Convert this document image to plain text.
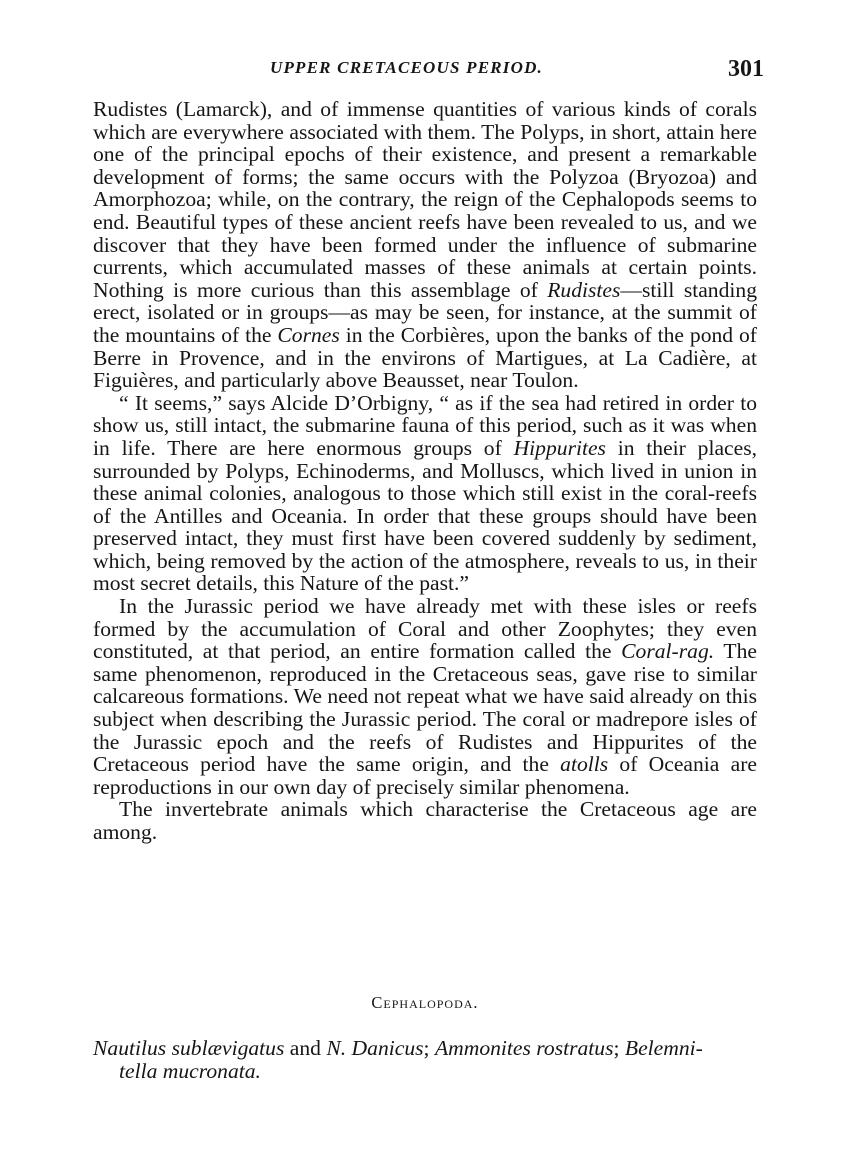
UPPER CRETACEOUS PERIOD.	301

Rudistes (Lamarck), and of immense quantities of various kinds of corals which are everywhere associated with them. The Polyps, in short, attain here one of the principal epochs of their existence, and present a remarkable development of forms; the same occurs with the Polyzoa (Bryozoa) and Amorphozoa; while, on the contrary, the reign of the Cephalopods seems to end. Beautiful types of these ancient reefs have been revealed to us, and we discover that they have been formed under the influence of submarine currents, which accumulated masses of these animals at certain points. Nothing is more curious than this assemblage of Rudistes—still standing erect, isolated or in groups—as may be seen, for instance, at the summit of the mountains of the Cornes in the Corbières, upon the banks of the pond of Berre in Provence, and in the environs of Martigues, at La Cadière, at Figuières, and particularly above Beausset, near Toulon.

“ It seems,” says Alcide D’Orbigny, “ as if the sea had retired in order to show us, still intact, the submarine fauna of this period, such as it was when in life. There are here enormous groups of Hippurites in their places, surrounded by Polyps, Echinoderms, and Molluscs, which lived in union in these animal colonies, analogous to those which still exist in the coral-reefs of the Antilles and Oceania. In order that these groups should have been preserved intact, they must first have been covered suddenly by sediment, which, being removed by the action of the atmosphere, reveals to us, in their most secret details, this Nature of the past.”

In the Jurassic period we have already met with these isles or reefs formed by the accumulation of Coral and other Zoophytes; they even constituted, at that period, an entire formation called the Coral-rag. The same phenomenon, reproduced in the Cretaceous seas, gave rise to similar calcareous formations. We need not repeat what we have said already on this subject when describing the Jurassic period. The coral or madrepore isles of the Jurassic epoch and the reefs of Rudistes and Hippurites of the Cretaceous period have the same origin, and the atolls of Oceania are reproductions in our own day of precisely similar phenomena.

The invertebrate animals which characterise the Cretaceous age are among.

Cephalopoda.

Nautilus sublævigatus and N. Danicus; Ammonites rostratus; Belemni-

tella mucronata.
